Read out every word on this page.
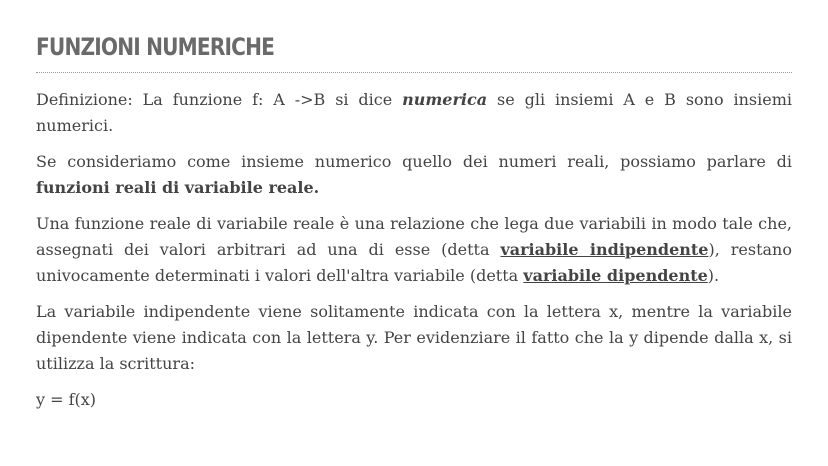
FUNZIONI NUMERICHE

Definizione: La funzione f: A ->B si dice numerica se gli insiemi A e B sono insiemi numerici.

Se consideriamo come insieme numerico quello dei numeri reali, possiamo parlare di funzioni reali di variabile reale.

Una funzione reale di variabile reale è una relazione che lega due variabili in modo tale che, assegnati dei valori arbitrari ad una di esse (detta variabile indipendente), restano univocamente determinati i valori dell'altra variabile (detta variabile dipendente).

La variabile indipendente viene solitamente indicata con la lettera x, mentre la variabile dipendente viene indicata con la lettera y. Per evidenziare il fatto che la y dipende dalla x, si utilizza la scrittura:

y = f(x)
